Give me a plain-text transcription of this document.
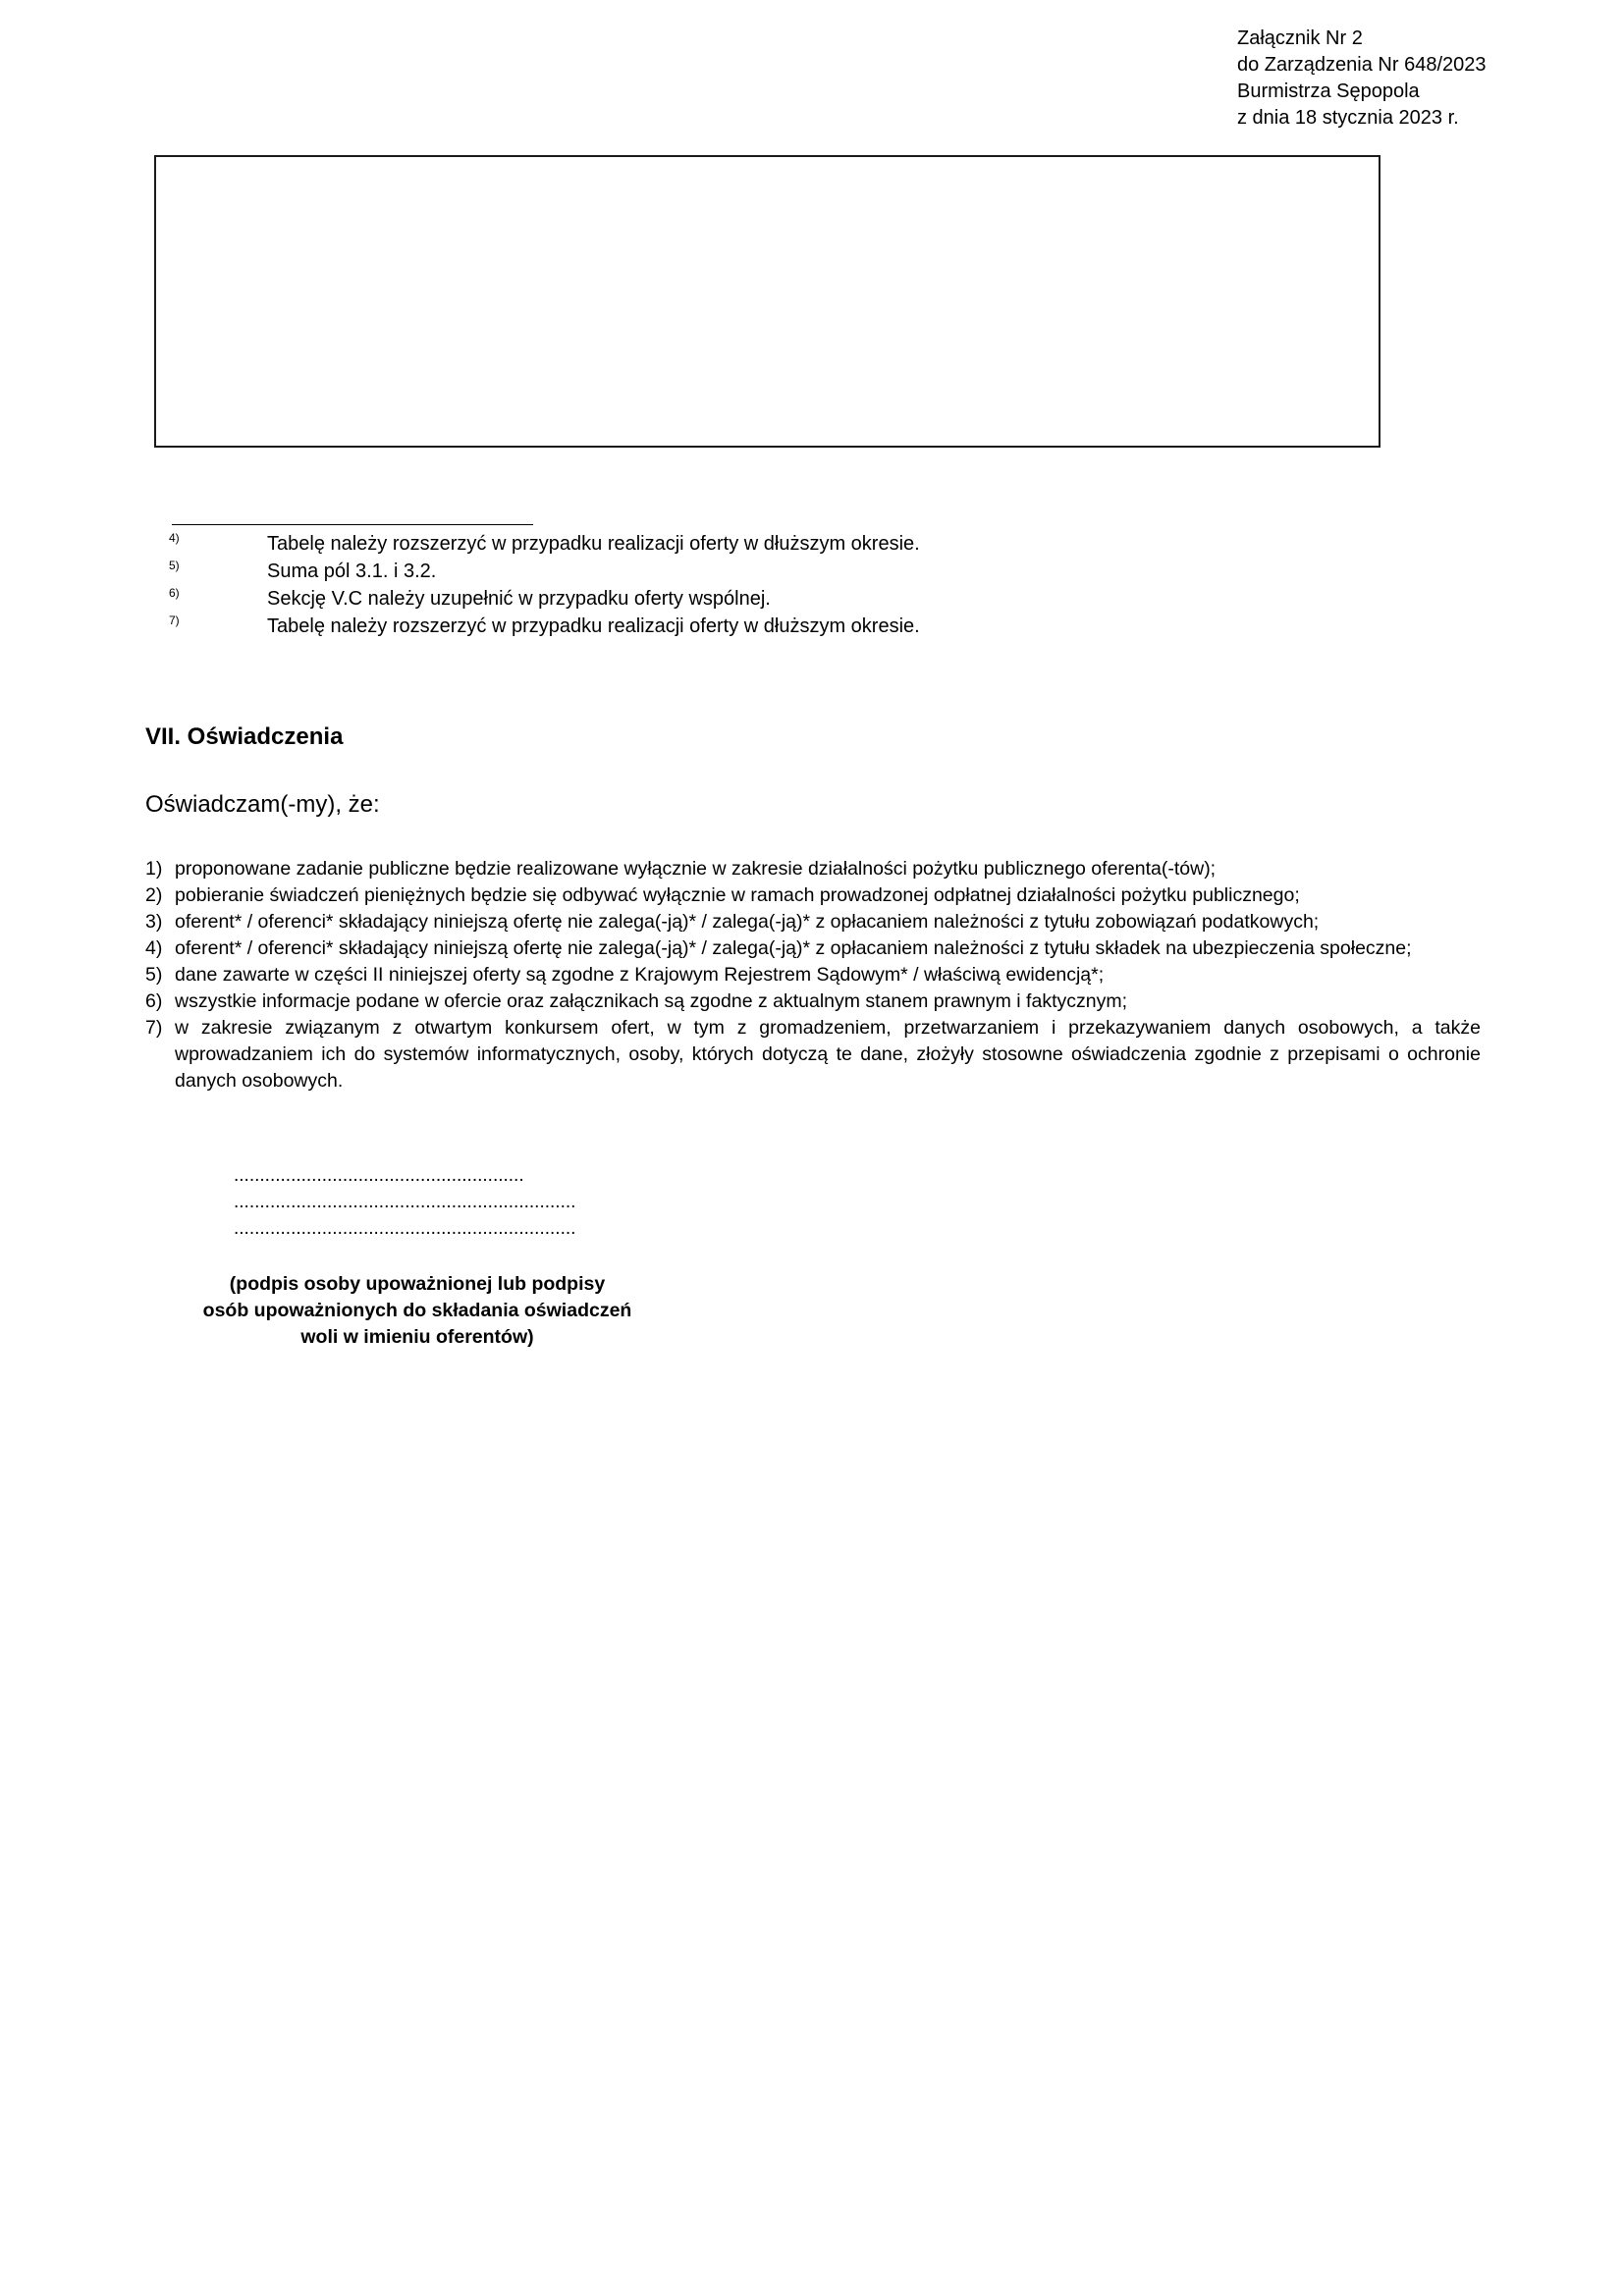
Załącznik Nr 2
do Zarządzenia Nr 648/2023
Burmistrza Sępopola
z dnia 18 stycznia 2023 r.
4)	Tabelę należy rozszerzyć w przypadku realizacji oferty w dłuższym okresie.
5)	Suma pól 3.1. i 3.2.
6)	Sekcję V.C należy uzupełnić w przypadku oferty wspólnej.
7)	Tabelę należy rozszerzyć w przypadku realizacji oferty w dłuższym okresie.
VII. Oświadczenia
Oświadczam(-my), że:
1) proponowane zadanie publiczne będzie realizowane wyłącznie w zakresie działalności pożytku publicznego oferenta(-tów);
2) pobieranie świadczeń pieniężnych będzie się odbywać wyłącznie w ramach prowadzonej odpłatnej działalności pożytku publicznego;
3) oferent* / oferenci* składający niniejszą ofertę nie zalega(-ją)* / zalega(-ją)* z opłacaniem należności z tytułu zobowiązań podatkowych;
4) oferent* / oferenci* składający niniejszą ofertę nie zalega(-ją)* / zalega(-ją)* z opłacaniem należności z tytułu składek na ubezpieczenia społeczne;
5) dane zawarte w części II niniejszej oferty są zgodne z Krajowym Rejestrem Sądowym* / właściwą ewidencją*;
6) wszystkie informacje podane w ofercie oraz załącznikach są zgodne z aktualnym stanem prawnym i faktycznym;
7) w zakresie związanym z otwartym konkursem ofert, w tym z gromadzeniem, przetwarzaniem i przekazywaniem danych osobowych, a także wprowadzaniem ich do systemów informatycznych, osoby, których dotyczą te dane, złożyły stosowne oświadczenia zgodnie z przepisami o ochronie danych osobowych.
........................................................
..................................................................
..................................................................
(podpis osoby upoważnionej lub podpisy
osób upoważnionych do składania oświadczeń
woli w imieniu oferentów)
